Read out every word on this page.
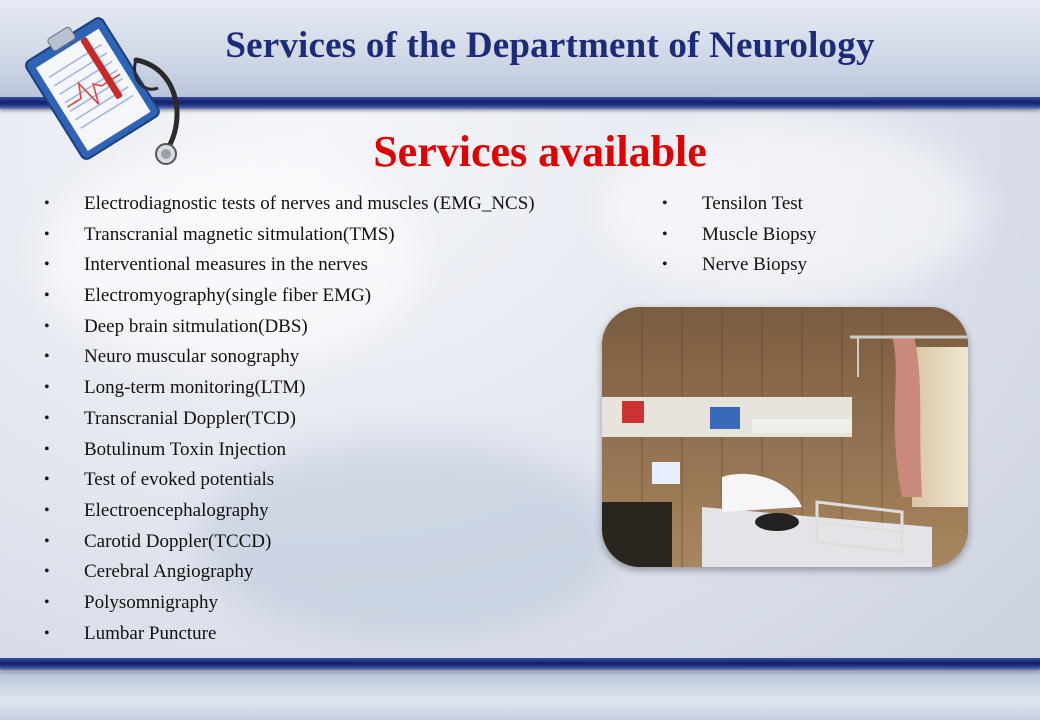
Services of the Department of Neurology
Services available
• Electrodiagnostic tests of nerves and muscles (EMG_NCS)
• Transcranial magnetic sitmulation(TMS)
• Interventional measures in the nerves
• Electromyography(single fiber EMG)
• Deep brain sitmulation(DBS)
• Neuro muscular sonography
• Long-term monitoring(LTM)
• Transcranial Doppler(TCD)
• Botulinum Toxin Injection
• Test of evoked potentials
• Electroencephalography
• Carotid Doppler(TCCD)
• Cerebral Angiography
• Polysomnigraphy
• Lumbar Puncture
• Tensilon Test
• Muscle Biopsy
• Nerve Biopsy
